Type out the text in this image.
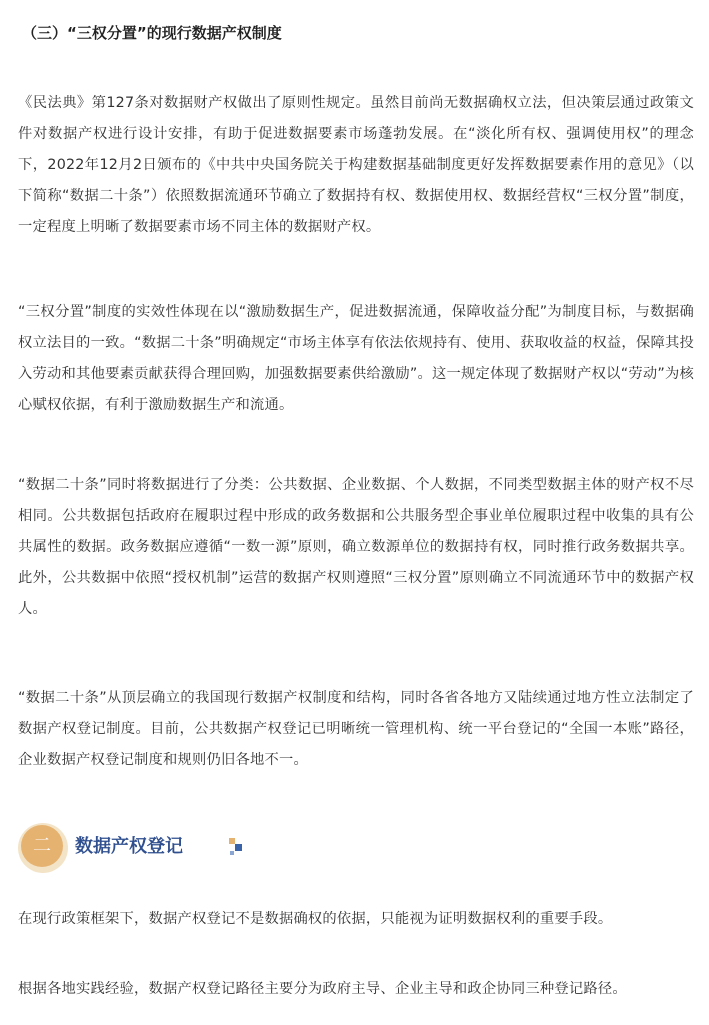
（三）“三权分置”的现行数据产权制度

《民法典》第127条对数据财产权做出了原则性规定。虽然目前尚无数据确权立法，但决策层通过政策文件对数据产权进行设计安排，有助于促进数据要素市场蓬勃发展。在“淡化所有权、强调使用权”的理念下，2022年12月2日颁布的《中共中央国务院关于构建数据基础制度更好发挥数据要素作用的意见》（以下简称“数据二十条”）依照数据流通环节确立了数据持有权、数据使用权、数据经营权“三权分置”制度，一定程度上明晰了数据要素市场不同主体的数据财产权。

“三权分置”制度的实效性体现在以“激励数据生产，促进数据流通，保障收益分配”为制度目标，与数据确权立法目的一致。“数据二十条”明确规定“市场主体享有依法依规持有、使用、获取收益的权益，保障其投入劳动和其他要素贡献获得合理回购，加强数据要素供给激励”。这一规定体现了数据财产权以“劳动”为核心赋权依据，有利于激励数据生产和流通。

“数据二十条”同时将数据进行了分类：公共数据、企业数据、个人数据，不同类型数据主体的财产权不尽相同。公共数据包括政府在履职过程中形成的政务数据和公共服务型企事业单位履职过程中收集的具有公共属性的数据。政务数据应遵循“一数一源”原则，确立数源单位的数据持有权，同时推行政务数据共享。此外，公共数据中依照“授权机制”运营的数据产权则遵照“三权分置”原则确立不同流通环节中的数据产权人。

“数据二十条”从顶层确立的我国现行数据产权制度和结构，同时各省各地方又陆续通过地方性立法制定了数据产权登记制度。目前，公共数据产权登记已明晰统一管理机构、统一平台登记的“全国一本账”路径，企业数据产权登记制度和规则仍旧各地不一。

二	数据产权登记

在现行政策框架下，数据产权登记不是数据确权的依据，只能视为证明数据权利的重要手段。

根据各地实践经验，数据产权登记路径主要分为政府主导、企业主导和政企协同三种登记路径。
